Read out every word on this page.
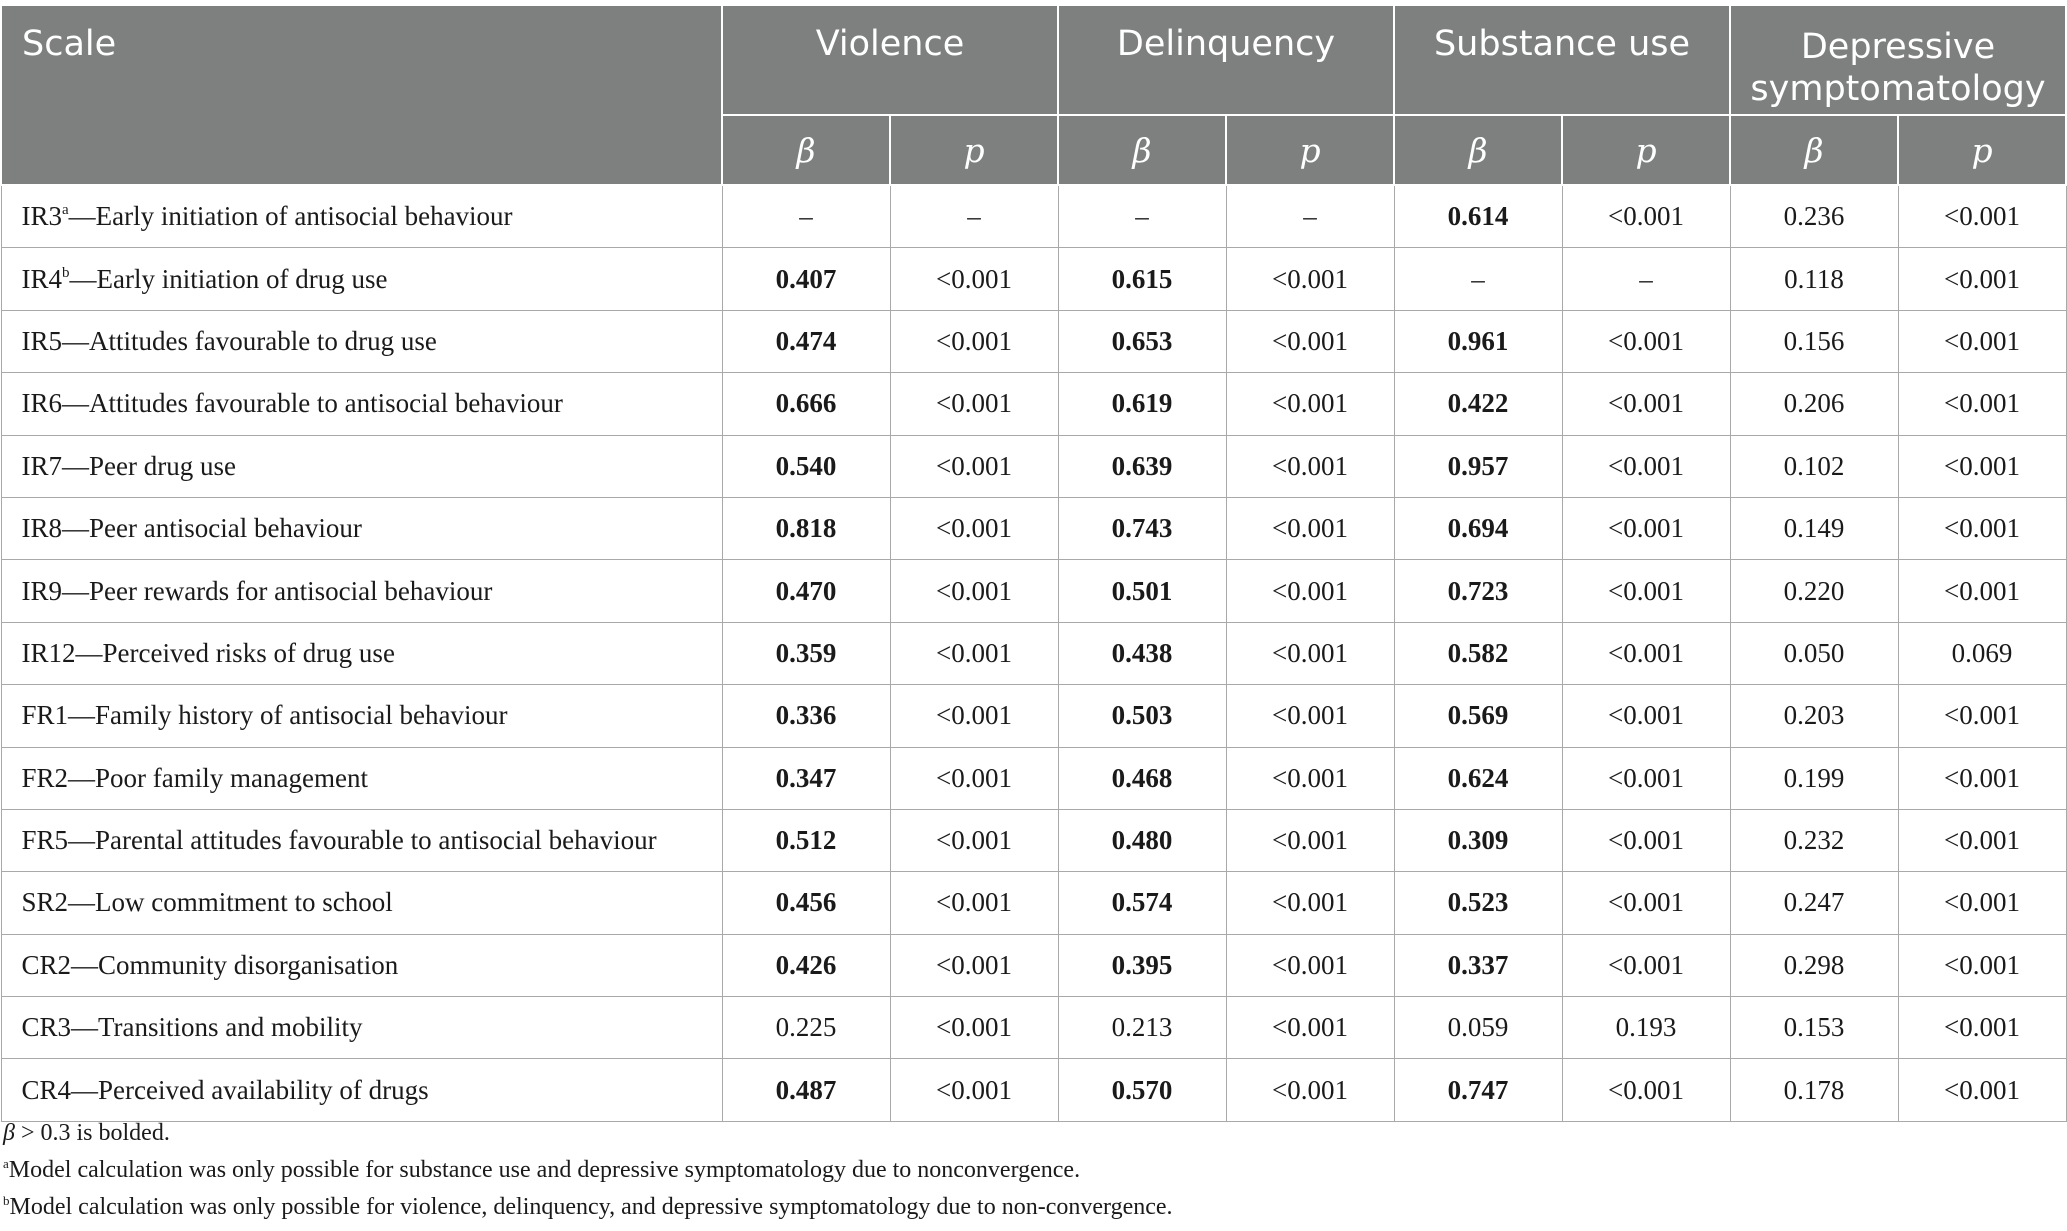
Scale	Violence		Delinquency		Substance use		Depressive symptomatology	
	β	p	β	p	β	p	β	p
IR3$^a$—Early initiation of antisocial behaviour	–	–	–	–	0.614	<0.001	0.236	<0.001
IR4$^b$—Early initiation of drug use	0.407	<0.001	0.615	<0.001	–	–	0.118	<0.001
IR5—Attitudes favourable to drug use	0.474	<0.001	0.653	<0.001	0.961	<0.001	0.156	<0.001
IR6—Attitudes favourable to antisocial behaviour	0.666	<0.001	0.619	<0.001	0.422	<0.001	0.206	<0.001
IR7—Peer drug use	0.540	<0.001	0.639	<0.001	0.957	<0.001	0.102	<0.001
IR8—Peer antisocial behaviour	0.818	<0.001	0.743	<0.001	0.694	<0.001	0.149	<0.001
IR9—Peer rewards for antisocial behaviour	0.470	<0.001	0.501	<0.001	0.723	<0.001	0.220	<0.001
IR12—Perceived risks of drug use	0.359	<0.001	0.438	<0.001	0.582	<0.001	0.050	0.069
FR1—Family history of antisocial behaviour	0.336	<0.001	0.503	<0.001	0.569	<0.001	0.203	<0.001
FR2—Poor family management	0.347	<0.001	0.468	<0.001	0.624	<0.001	0.199	<0.001
FR5—Parental attitudes favourable to antisocial behaviour	0.512	<0.001	0.480	<0.001	0.309	<0.001	0.232	<0.001
SR2—Low commitment to school	0.456	<0.001	0.574	<0.001	0.523	<0.001	0.247	<0.001
CR2—Community disorganisation	0.426	<0.001	0.395	<0.001	0.337	<0.001	0.298	<0.001
CR3—Transitions and mobility	0.225	<0.001	0.213	<0.001	0.059	0.193	0.153	<0.001
CR4—Perceived availability of drugs	0.487	<0.001	0.570	<0.001	0.747	<0.001	0.178	<0.001
β > 0.3 is bolded.
$^a$Model calculation was only possible for substance use and depressive symptomatology due to nonconvergence.
$^b$Model calculation was only possible for violence, delinquency, and depressive symptomatology due to non-convergence.
